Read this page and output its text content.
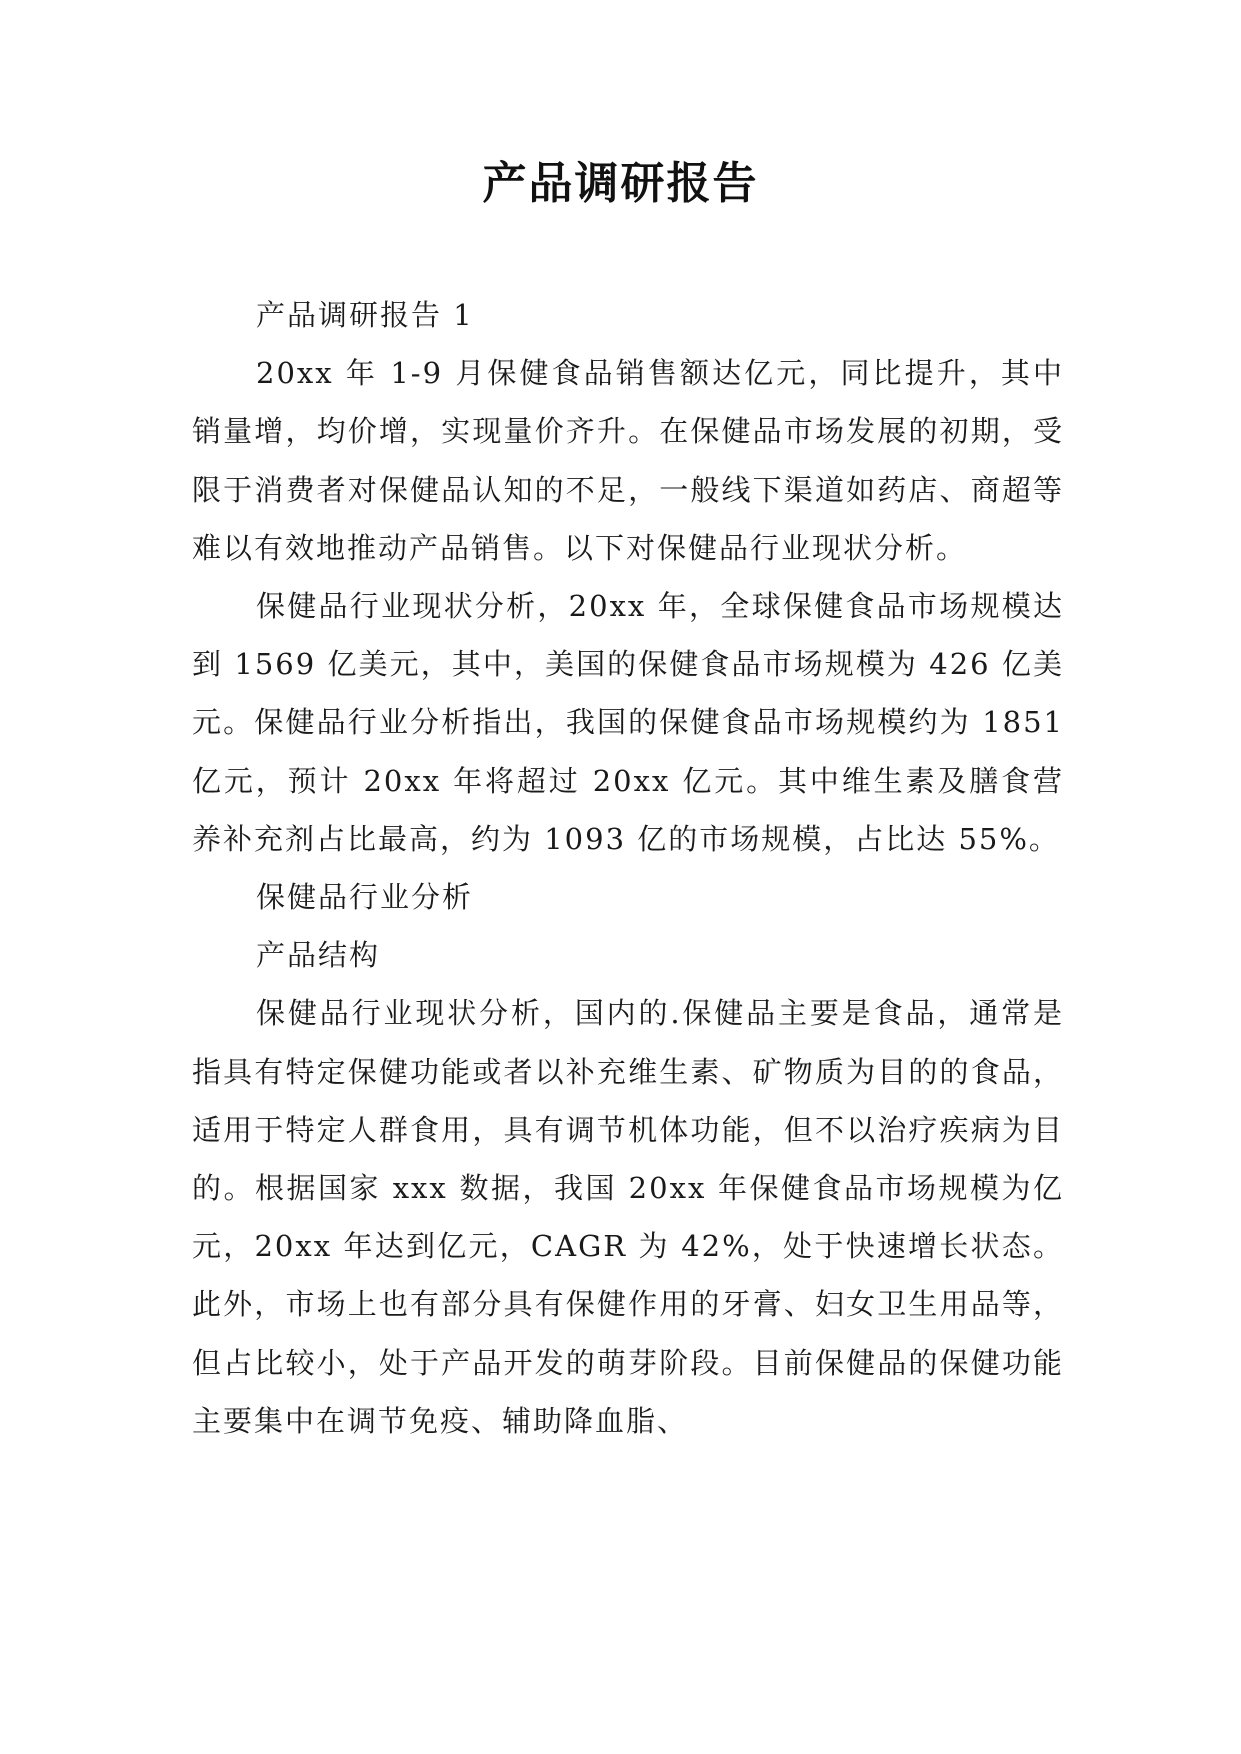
产品调研报告

产品调研报告 1

20xx 年 1-9 月保健食品销售额达亿元，同比提升，其中销量增，均价增，实现量价齐升。在保健品市场发展的初期，受限于消费者对保健品认知的不足，一般线下渠道如药店、商超等难以有效地推动产品销售。以下对保健品行业现状分析。

保健品行业现状分析，20xx 年，全球保健食品市场规模达到 1569 亿美元，其中，美国的保健食品市场规模为 426 亿美元。保健品行业分析指出，我国的保健食品市场规模约为 1851 亿元，预计 20xx 年将超过 20xx 亿元。其中维生素及膳食营养补充剂占比最高，约为 1093 亿的市场规模，占比达 55%。

保健品行业分析

产品结构

保健品行业现状分析，国内的.保健品主要是食品，通常是指具有特定保健功能或者以补充维生素、矿物质为目的的食品，适用于特定人群食用，具有调节机体功能，但不以治疗疾病为目的。根据国家 xxx 数据，我国 20xx 年保健食品市场规模为亿元，20xx 年达到亿元，CAGR 为 42%，处于快速增长状态。此外，市场上也有部分具有保健作用的牙膏、妇女卫生用品等，但占比较小，处于产品开发的萌芽阶段。目前保健品的保健功能主要集中在调节免疫、辅助降血脂、
